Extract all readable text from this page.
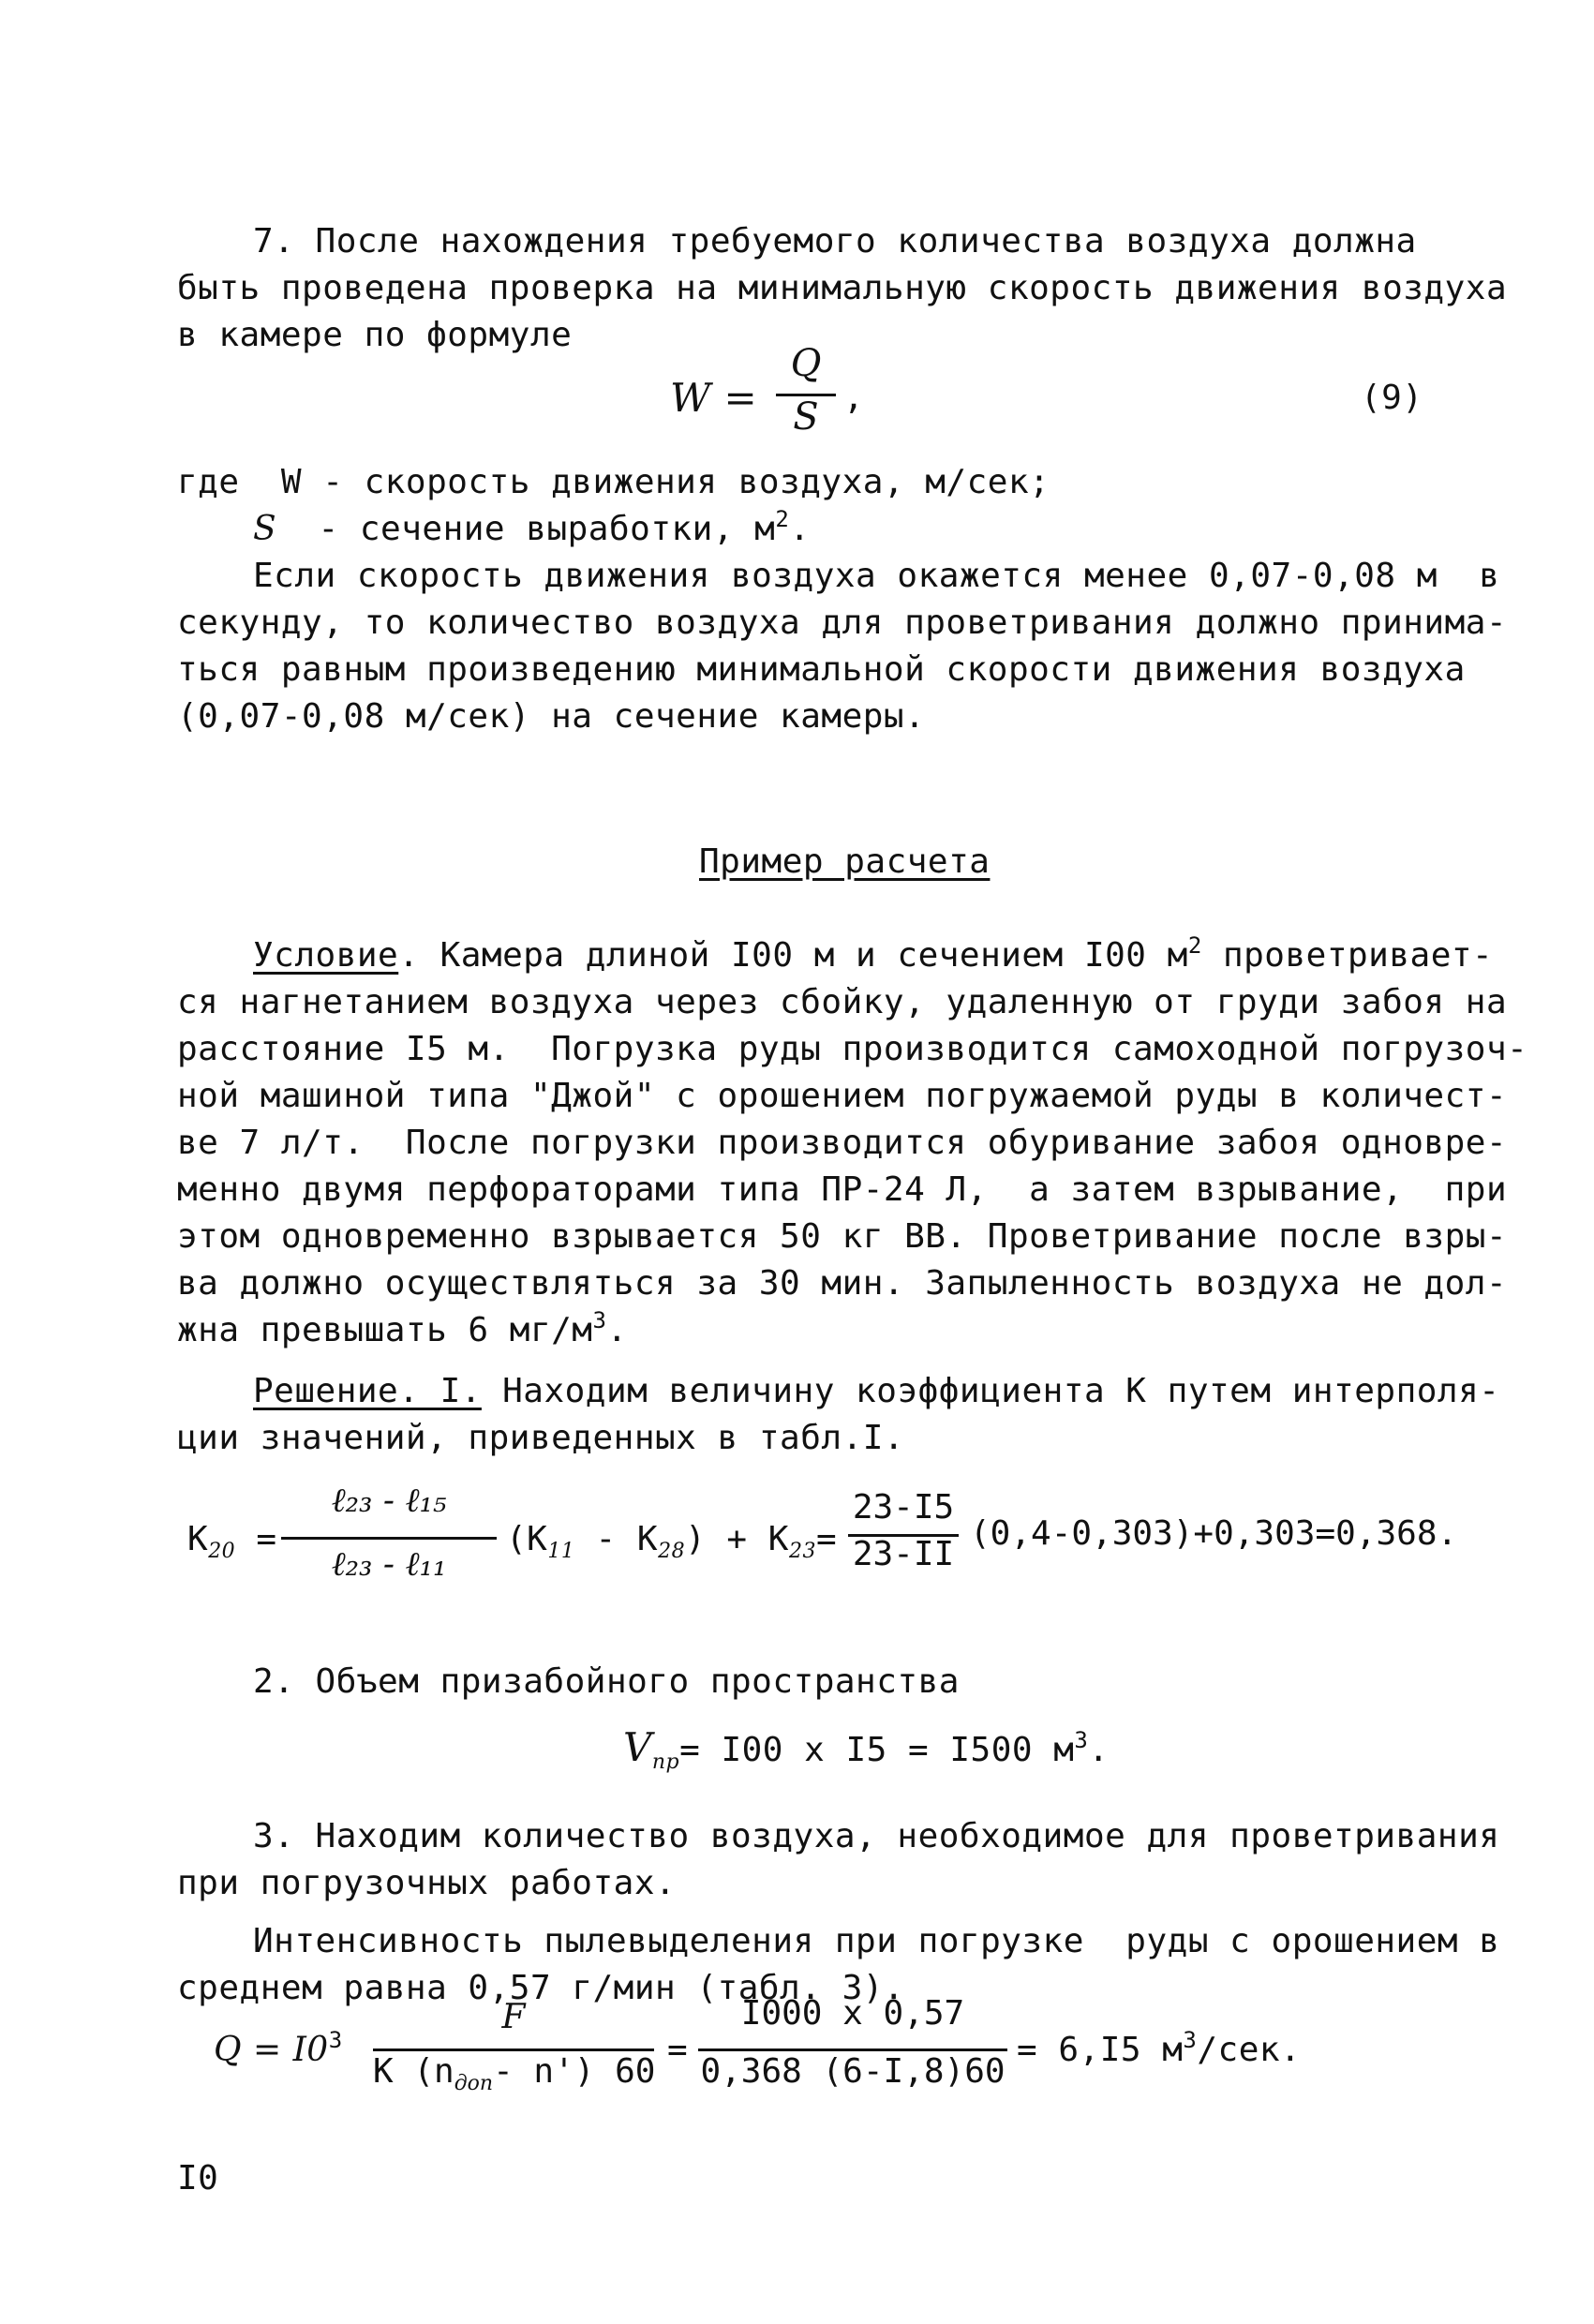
7. После нахождения требуемого количества воздуха должна
быть проведена проверка на минимальную скорость движения воздуха
в камере по формуле
W =
Q
S ,	(9)
где  W - скорость движения воздуха, м/сек;
S - сечение выработки, $м^2$.
Если скорость движения воздуха окажется менее 0,07-0,08 м  в
секунду, то количество воздуха для проветривания должно принима-
ться равным произведению минимальной скорости движения воздуха
(0,07-0,08 м/сек) на сечение камеры.
Пример расчета
Условие. Камера длиной I00 м и сечением I00 $м^2$ проветривает-
ся нагнетанием воздуха через сбойку, удаленную от груди забоя на
расстояние I5 м.  Погрузка руды производится самоходной погрузоч-
ной машиной типа "Джой" с орошением погружаемой руды в количест-
ве 7 л/т.  После погрузки производится обуривание забоя одновре-
менно двумя перфораторами типа ПР-24 Л,  а затем взрывание,  при
этом одновременно взрывается 50 кг ВВ. Проветривание после взры-
ва должно осуществляться за 30 мин. Запыленность воздуха не дол-
жна превышать 6 $мг/м^3$.
Решение. I. Находим величину коэффициента К путем интерполя-
ции значений, приведенных в табл.I.
$K_{20}$ =
ℓ₂₃ - ℓ₁₅
ℓ₂₃ - ℓ₁₁
$(K_{11} - K_{28}) + K_{23}=$
23-I5
23-II
(0,4-0,303)+0,303=0,368.
2. Объем призабойного пространства
$V_{пр}= I00$ x I5 = I500 $м^3$.
3. Находим количество воздуха, необходимое для проветривания
при погрузочных работах.
Интенсивность пылевыделения при погрузке  руды с орошением в
среднем равна 0,57 г/мин (табл. 3).
$Q = I0^3$
F
К ($n_{доп}-$ n') 60
=
I000 x 0,57
0,368 (6-I,8)60
= 6,I5 $м^3$/сек.
I0
